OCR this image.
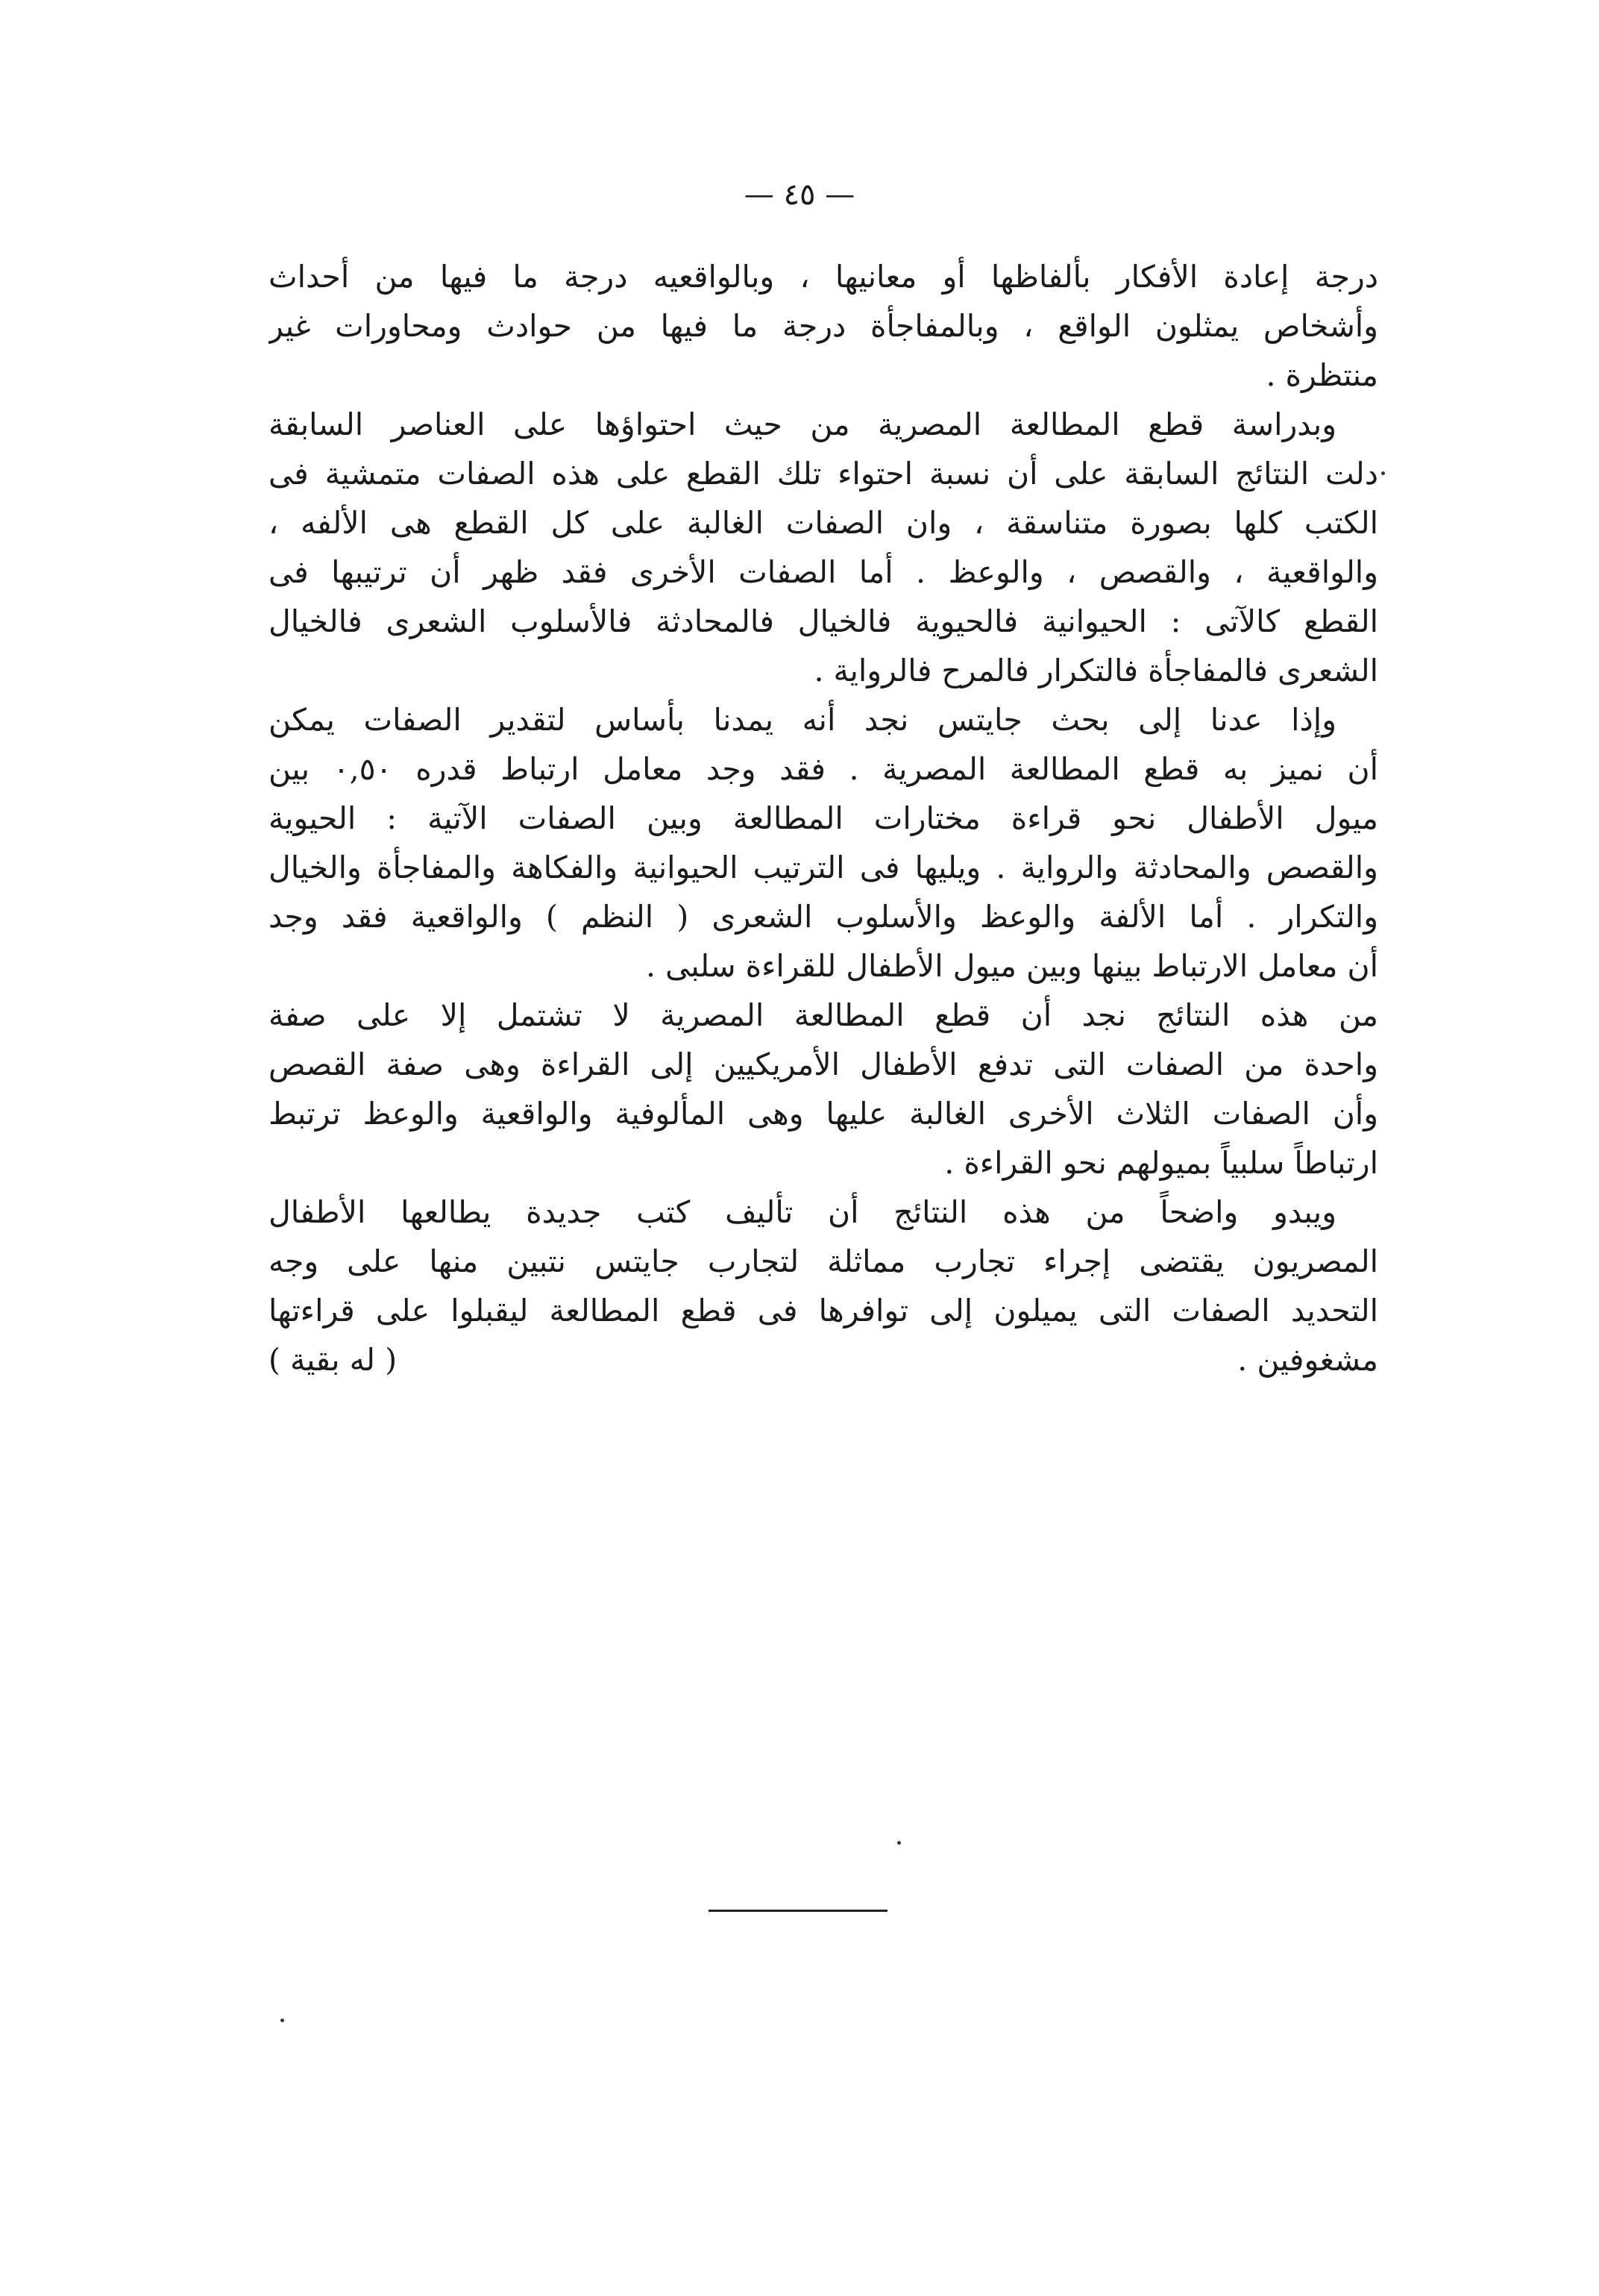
— ٤٥ —
درجة إعادة الأفكار بألفاظها أو معانيها ، وبالواقعيه درجة ما فيها من أحداث
وأشخاص يمثلون الواقع ، وبالمفاجأة درجة ما فيها من حوادث ومحاورات غير
منتظرة .
وبدراسة قطع المطالعة المصرية من حيث احتواؤها على العناصر السابقة
دلت النتائج السابقة على أن نسبة احتواء تلك القطع على هذه الصفات متمشية فى
الكتب كلها بصورة متناسقة ، وان الصفات الغالبة على كل القطع هى الألفه ،
والواقعية ، والقصص ، والوعظ . أما الصفات الأخرى فقد ظهر أن ترتيبها فى
القطع كالآتى : الحيوانية فالحيوية فالخيال فالمحادثة فالأسلوب الشعرى فالخيال
الشعرى فالمفاجأة فالتكرار فالمرح فالرواية .
وإذا عدنا إلى بحث جايتس نجد أنه يمدنا بأساس لتقدير الصفات يمكن
أن نميز به قطع المطالعة المصرية . فقد وجد معامل ارتباط قدره ٠,٥٠ بين
ميول الأطفال نحو قراءة مختارات المطالعة وبين الصفات الآتية : الحيوية
والقصص والمحادثة والرواية . ويليها فى الترتيب الحيوانية والفكاهة والمفاجأة والخيال
والتكرار . أما الألفة والوعظ والأسلوب الشعرى ( النظم ) والواقعية فقد وجد
أن معامل الارتباط بينها وبين ميول الأطفال للقراءة سلبى .
من هذه النتائج نجد أن قطع المطالعة المصرية لا تشتمل إلا على صفة
واحدة من الصفات التى تدفع الأطفال الأمريكيين إلى القراءة وهى صفة القصص
وأن الصفات الثلاث الأخرى الغالبة عليها وهى المألوفية والواقعية والوعظ ترتبط
ارتباطاً سلبياً بميولهم نحو القراءة .
ويبدو واضحاً من هذه النتائج أن تأليف كتب جديدة يطالعها الأطفال
المصريون يقتضى إجراء تجارب مماثلة لتجارب جايتس نتبين منها على وجه
التحديد الصفات التى يميلون إلى توافرها فى قطع المطالعة ليقبلوا على قراءتها
مشغوفين .
( له بقية )
